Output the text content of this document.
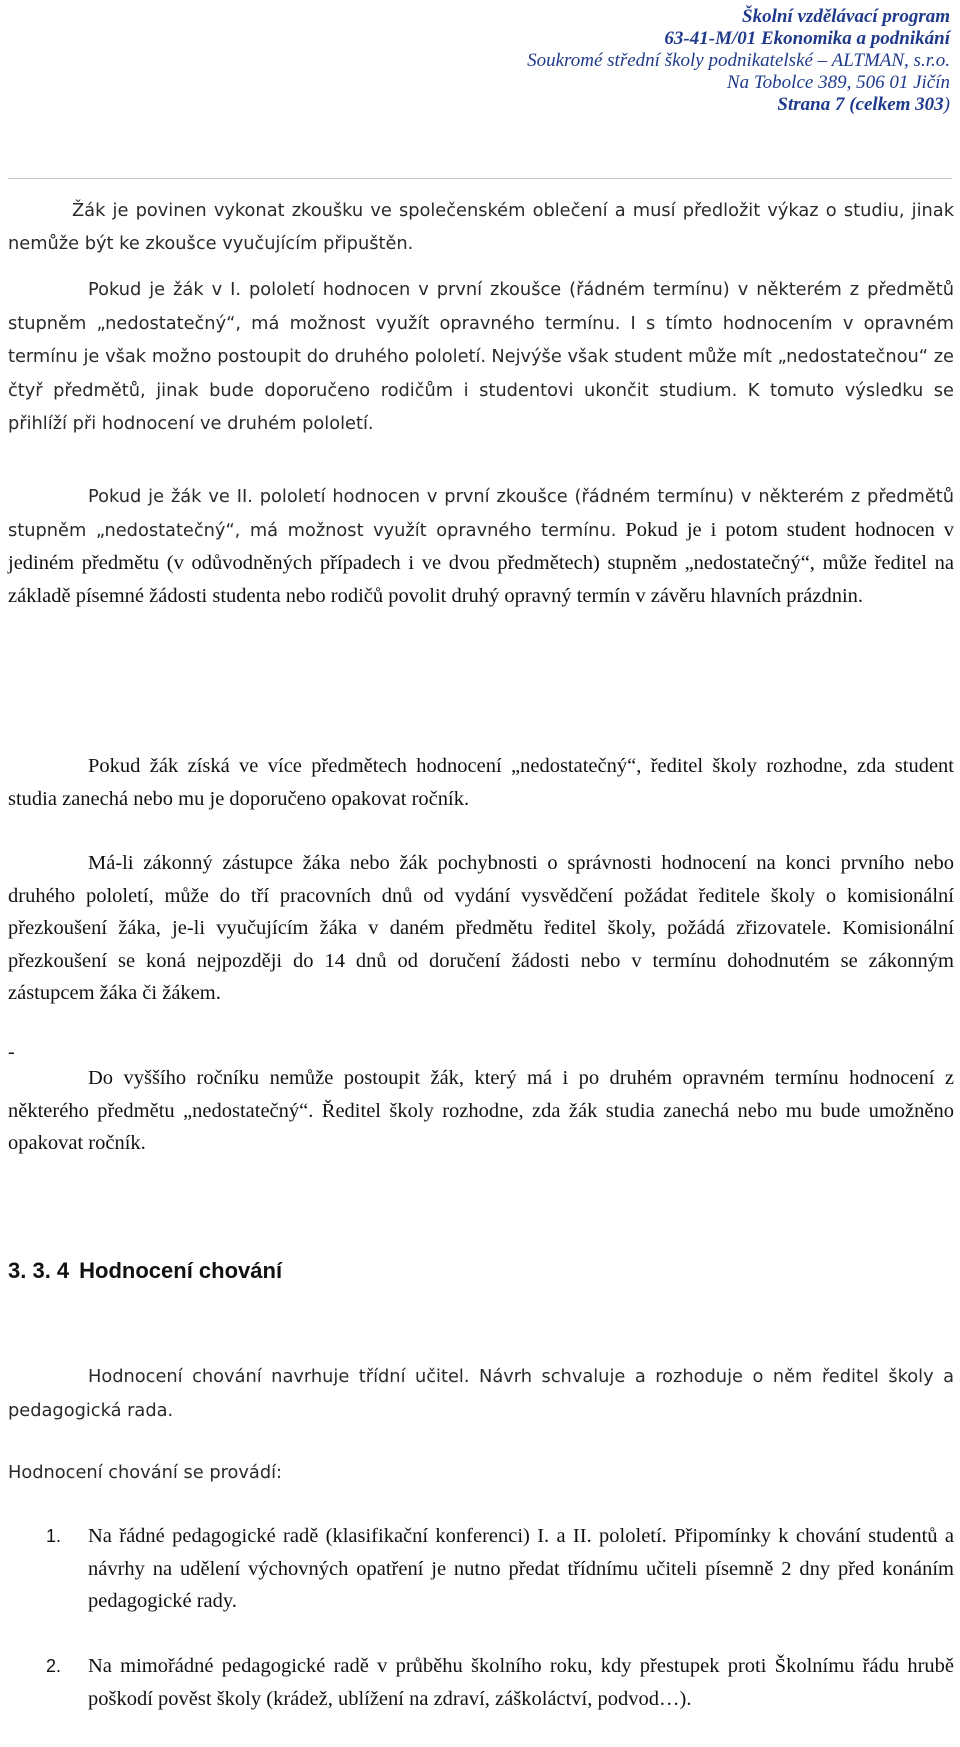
Školní vzdělávací program
63-41-M/01 Ekonomika a podnikání
Soukromé střední školy podnikatelské – ALTMAN, s.r.o.
Na Tobolce 389, 506 01 Jičín
Strana 7 (celkem 303)

Žák je povinen vykonat zkoušku ve společenském oblečení a musí předložit výkaz o studiu, jinak nemůže být ke zkoušce vyučujícím připuštěn.

Pokud je žák v I. pololetí hodnocen v první zkoušce (řádném termínu) v některém z předmětů stupněm „nedostatečný“, má možnost využít opravného termínu. I s tímto hodnocením v opravném termínu je však možno postoupit do druhého pololetí. Nejvýše však student může mít „nedostatečnou“ ze čtyř předmětů, jinak bude doporučeno rodičům i studentovi ukončit studium. K tomuto výsledku se přihlíží při hodnocení ve druhém pololetí.

Pokud je žák ve II. pololetí hodnocen v první zkoušce (řádném termínu) v některém z předmětů stupněm „nedostatečný“, má možnost využít opravného termínu. Pokud je i potom student hodnocen v jediném předmětu (v odůvodněných případech i ve dvou předmětech) stupněm „nedostatečný“, může ředitel na základě písemné žádosti studenta nebo rodičů povolit druhý opravný termín v závěru hlavních prázdnin.

Pokud žák získá ve více předmětech hodnocení „nedostatečný“, ředitel školy rozhodne, zda student studia zanechá nebo mu je doporučeno opakovat ročník.

Má-li zákonný zástupce žáka nebo žák pochybnosti o správnosti hodnocení na konci prvního nebo druhého pololetí, může do tří pracovních dnů od vydání vysvědčení požádat ředitele školy o komisionální přezkoušení žáka, je-li vyučujícím žáka v daném předmětu ředitel školy, požádá zřizovatele. Komisionální přezkoušení se koná nejpozději do 14 dnů od doručení žádosti nebo v termínu dohodnutém se zákonným zástupcem žáka či žákem.

-

Do vyššího ročníku nemůže postoupit žák, který má i po druhém opravném termínu hodnocení z některého předmětu „nedostatečný“. Ředitel školy rozhodne, zda žák studia zanechá nebo mu bude umožněno opakovat ročník.

3. 3. 4 Hodnocení chování

Hodnocení chování navrhuje třídní učitel. Návrh schvaluje a rozhoduje o něm ředitel školy a pedagogická rada.

Hodnocení chování se provádí:

1. Na řádné pedagogické radě (klasifikační konferenci) I. a II. pololetí. Připomínky k chování studentů a návrhy na udělení výchovných opatření je nutno předat třídnímu učiteli písemně 2 dny před konáním pedagogické rady.
2. Na mimořádné pedagogické radě v průběhu školního roku, kdy přestupek proti Školnímu řádu hrubě poškodí pověst školy (krádež, ublížení na zdraví, záškoláctví, podvod…).
